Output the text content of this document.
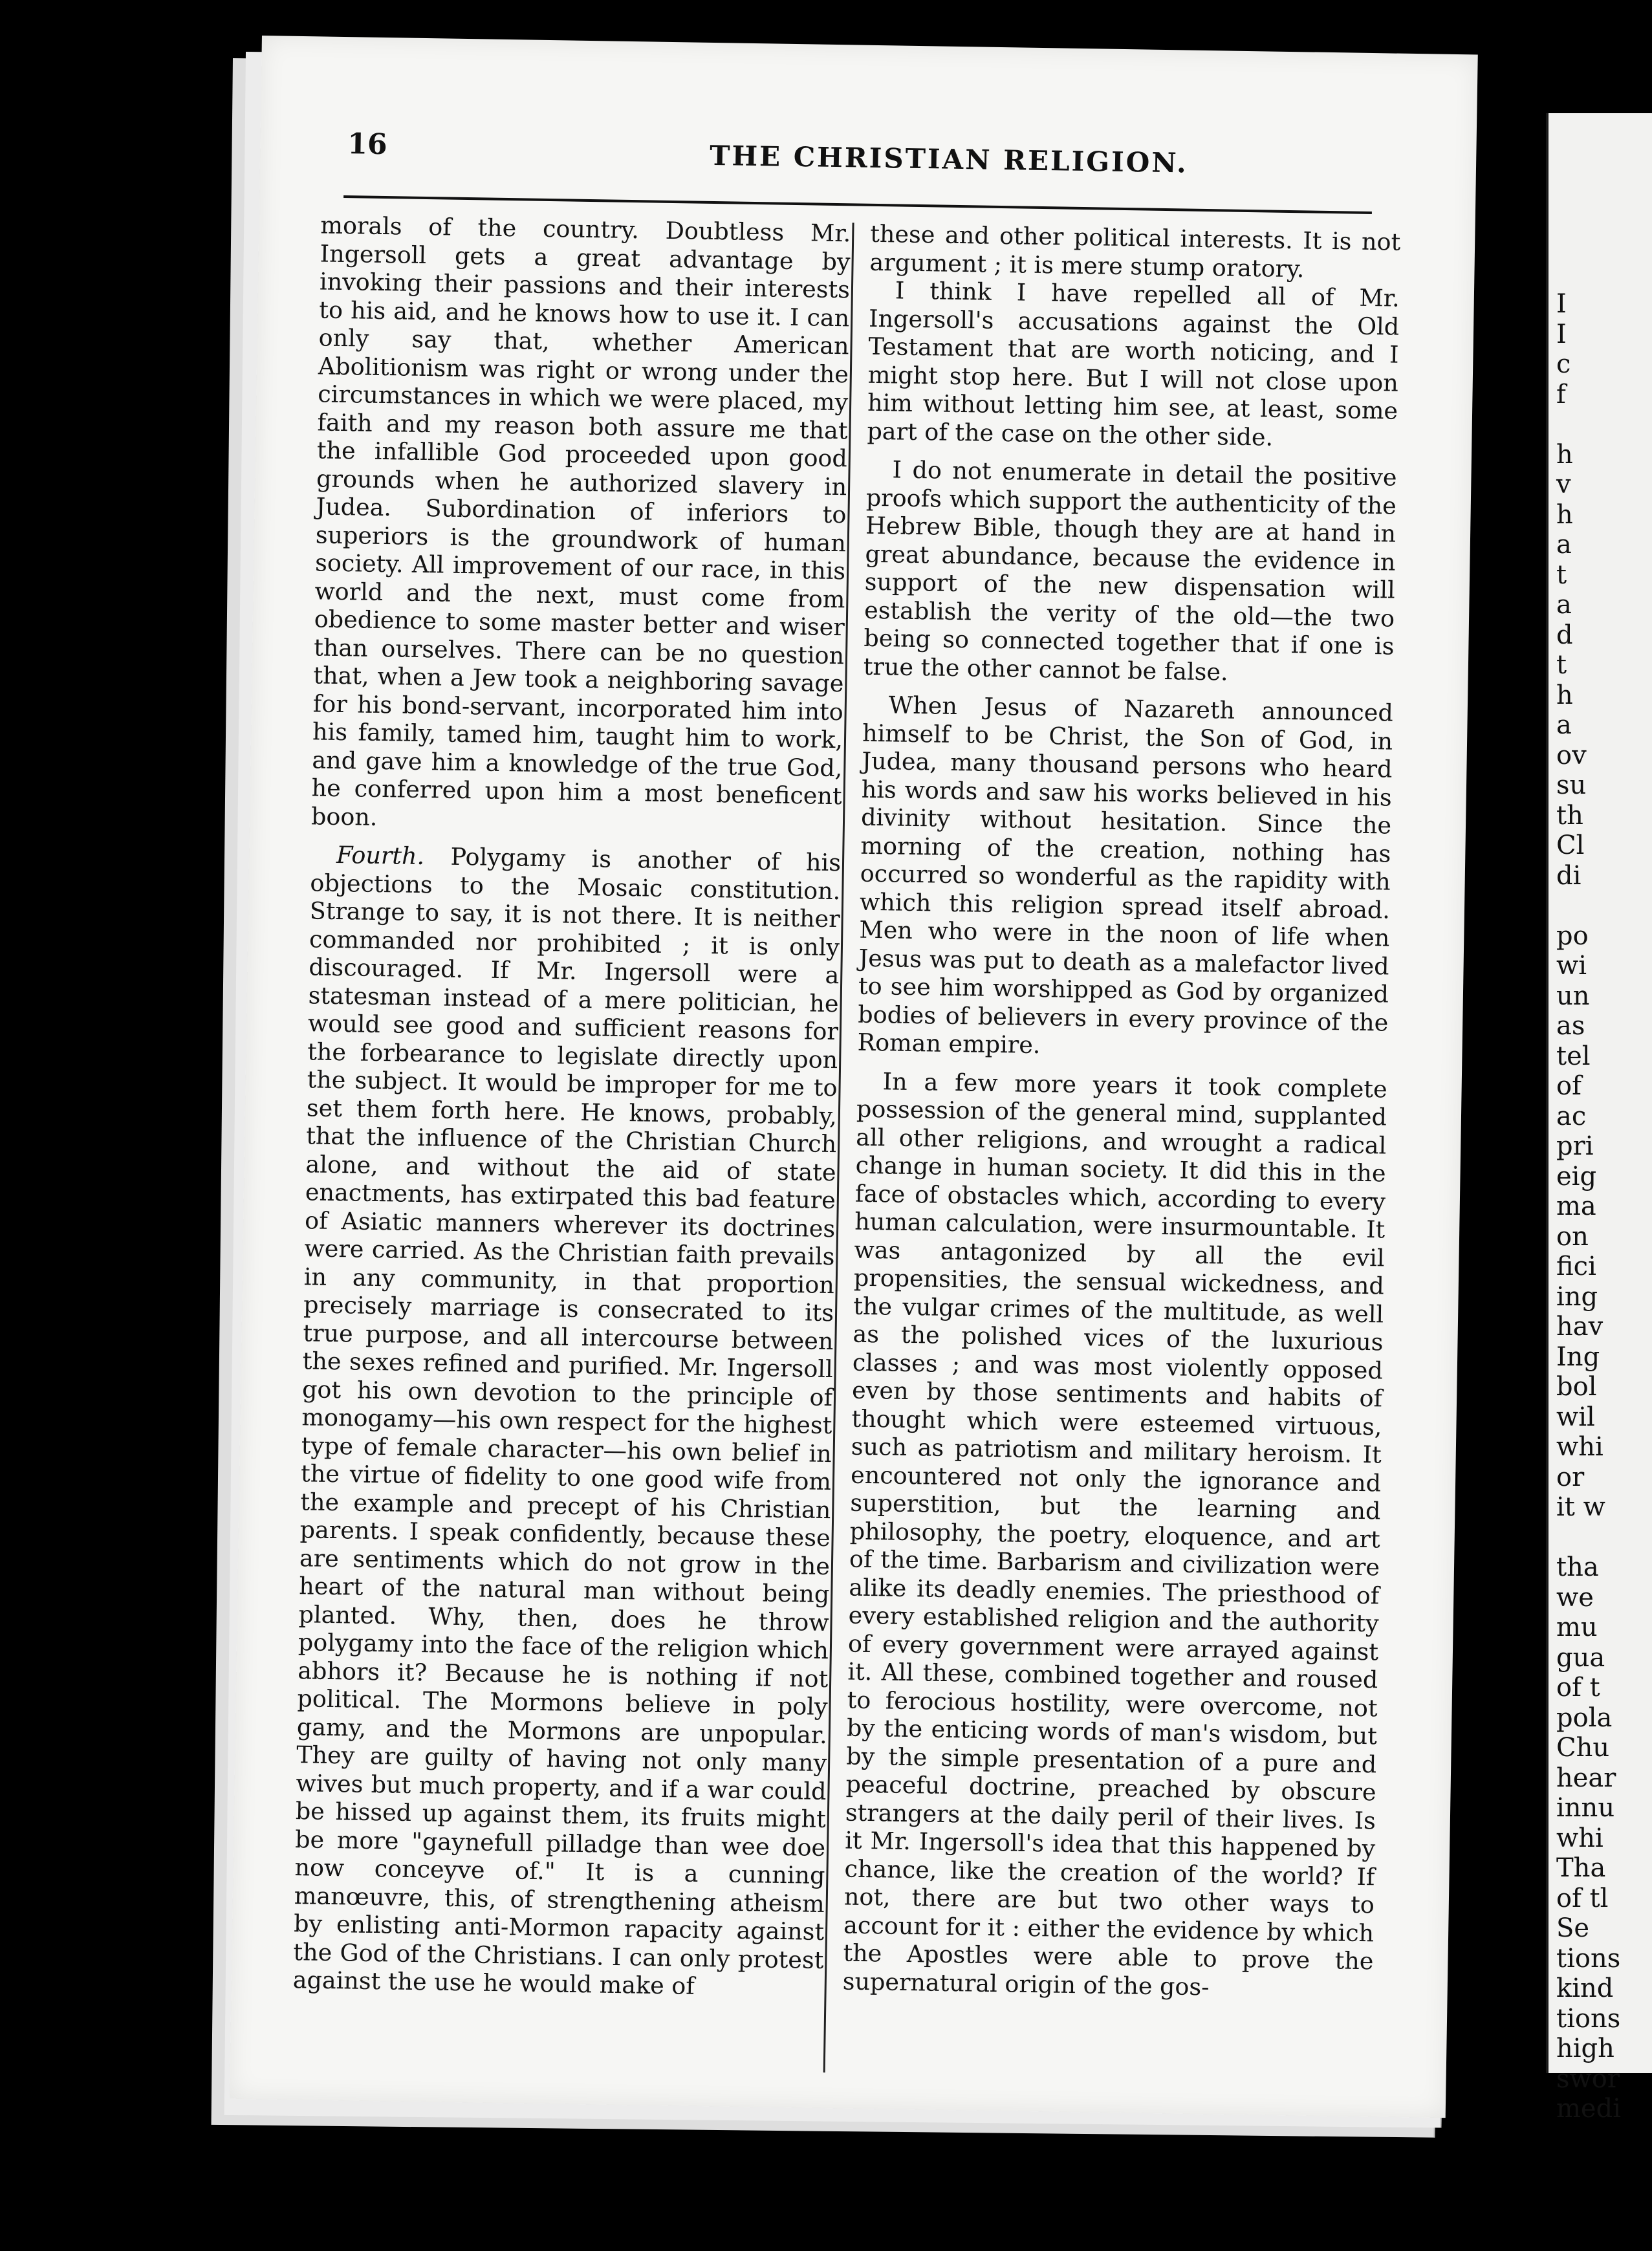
I
I
c
f
h
v
h
a
t
a
d
t
h
a
ov
su
th
Cl
di
po
wi
un
as
tel
of
ac
pri
eig
ma
on
fici
ing
hav
Ing
bol
wil
whi
or
it w
tha
we
mu
gua
of t
pola
Chu
hear
innu
whi
Tha
of tl
Se
tions
kind
tions
high
swor
medi
16	THE CHRISTIAN RELIGION.

morals of the country. Doubtless Mr. Ingersoll gets a great advantage by invoking their passions and their interests to his aid, and he knows how to use it. I can only say that, whether American Abolitionism was right or wrong under the circumstances in which we were placed, my faith and my reason both assure me that the infallible God proceeded upon good grounds when he authorized slavery in Judea. Subordination of inferiors to superiors is the groundwork of human society. All improvement of our race, in this world and the next, must come from obedience to some master better and wiser than ourselves. There can be no question that, when a Jew took a neighboring savage for his bond-servant, incorporated him into his family, tamed him, taught him to work, and gave him a knowledge of the true God, he conferred upon him a most beneficent boon.

Fourth. Polygamy is another of his objections to the Mosaic constitution. Strange to say, it is not there. It is neither commanded nor prohibited ; it is only discouraged. If Mr. Ingersoll were a statesman instead of a mere politician, he would see good and sufficient reasons for the forbearance to legislate directly upon the subject. It would be improper for me to set them forth here. He knows, probably, that the influence of the Christian Church alone, and without the aid of state enactments, has extirpated this bad feature of Asiatic manners wherever its doctrines were carried. As the Christian faith prevails in any community, in that proportion precisely marriage is consecrated to its true purpose, and all intercourse between the sexes refined and purified. Mr. Ingersoll got his own devotion to the principle of monogamy—his own respect for the highest type of female character—his own belief in the virtue of fidelity to one good wife from the example and precept of his Christian parents. I speak confidently, because these are sentiments which do not grow in the heart of the natural man without being planted. Why, then, does he throw polygamy into the face of the religion which abhors it? Because he is nothing if not political. The Mormons believe in poly gamy, and the Mormons are unpopular. They are guilty of having not only many wives but much property, and if a war could be hissed up against them, its fruits might be more "gaynefull pilladge than wee doe now conceyve of." It is a cunning manœuvre, this, of strengthening atheism by enlisting anti-Mormon rapacity against the God of the Christians. I can only protest against the use he would make of

these and other political interests. It is not argument ; it is mere stump oratory.

I think I have repelled all of Mr. Ingersoll's accusations against the Old Testament that are worth noticing, and I might stop here. But I will not close upon him without letting him see, at least, some part of the case on the other side.

I do not enumerate in detail the positive proofs which support the authenticity of the Hebrew Bible, though they are at hand in great abundance, because the evidence in support of the new dispensation will establish the verity of the old—the two being so connected together that if one is true the other cannot be false.

When Jesus of Nazareth announced himself to be Christ, the Son of God, in Judea, many thousand persons who heard his words and saw his works believed in his divinity without hesitation. Since the morning of the creation, nothing has occurred so wonderful as the rapidity with which this religion spread itself abroad. Men who were in the noon of life when Jesus was put to death as a malefactor lived to see him worshipped as God by organized bodies of believers in every province of the Roman empire.

In a few more years it took complete possession of the general mind, supplanted all other religions, and wrought a radical change in human society. It did this in the face of obstacles which, according to every human calculation, were insurmountable. It was antagonized by all the evil propensities, the sensual wickedness, and the vulgar crimes of the multitude, as well as the polished vices of the luxurious classes ; and was most violently opposed even by those sentiments and habits of thought which were esteemed virtuous, such as patriotism and military heroism. It encountered not only the ignorance and superstition, but the learning and philosophy, the poetry, eloquence, and art of the time. Barbarism and civilization were alike its deadly enemies. The priesthood of every established religion and the authority of every government were arrayed against it. All these, combined together and roused to ferocious hostility, were overcome, not by the enticing words of man's wisdom, but by the simple presentation of a pure and peaceful doctrine, preached by obscure strangers at the daily peril of their lives. Is it Mr. Ingersoll's idea that this happened by chance, like the creation of the world? If not, there are but two other ways to account for it : either the evidence by which the Apostles were able to prove the supernatural origin of the gos-
